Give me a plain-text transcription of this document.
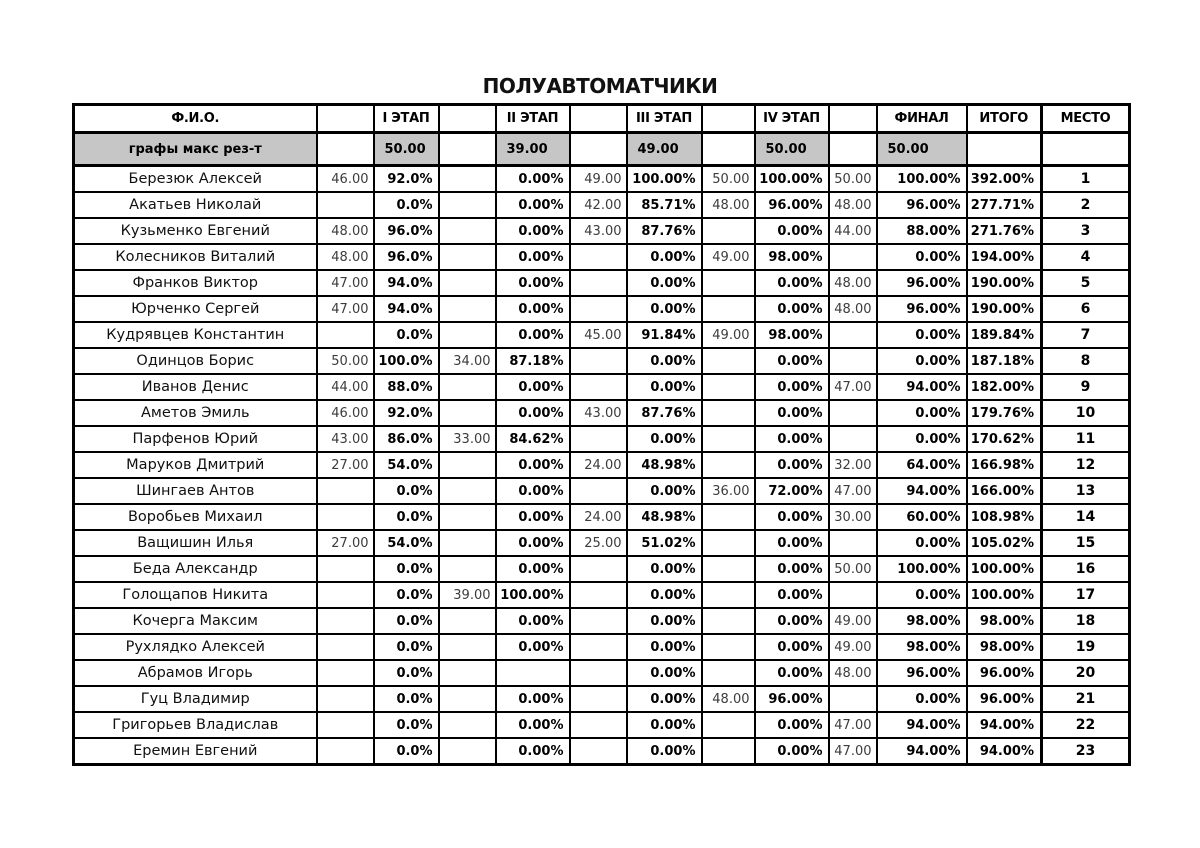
ПОЛУАВТОМАТЧИКИ
Ф.И.О.		I ЭТАП		II ЭТАП		III ЭТАП		IV ЭТАП		ФИНАЛ	ИТОГО	МЕСТО
графы макс рез-т		50.00		39.00		49.00		50.00		50.00		
Березюк Алексей	46.00	92.0%		0.00%	49.00	100.00%	50.00	100.00%	50.00	100.00%	392.00%	1
Акатьев Николай		0.0%		0.00%	42.00	85.71%	48.00	96.00%	48.00	96.00%	277.71%	2
Кузьменко Евгений	48.00	96.0%		0.00%	43.00	87.76%		0.00%	44.00	88.00%	271.76%	3
Колесников Виталий	48.00	96.0%		0.00%		0.00%	49.00	98.00%		0.00%	194.00%	4
Франков Виктор	47.00	94.0%		0.00%		0.00%		0.00%	48.00	96.00%	190.00%	5
Юрченко Сергей	47.00	94.0%		0.00%		0.00%		0.00%	48.00	96.00%	190.00%	6
Кудрявцев Константин		0.0%		0.00%	45.00	91.84%	49.00	98.00%		0.00%	189.84%	7
Одинцов Борис	50.00	100.0%	34.00	87.18%		0.00%		0.00%		0.00%	187.18%	8
Иванов Денис	44.00	88.0%		0.00%		0.00%		0.00%	47.00	94.00%	182.00%	9
Аметов Эмиль	46.00	92.0%		0.00%	43.00	87.76%		0.00%		0.00%	179.76%	10
Парфенов Юрий	43.00	86.0%	33.00	84.62%		0.00%		0.00%		0.00%	170.62%	11
Маруков Дмитрий	27.00	54.0%		0.00%	24.00	48.98%		0.00%	32.00	64.00%	166.98%	12
Шингаев Антов		0.0%		0.00%		0.00%	36.00	72.00%	47.00	94.00%	166.00%	13
Воробьев Михаил		0.0%		0.00%	24.00	48.98%		0.00%	30.00	60.00%	108.98%	14
Ващишин Илья	27.00	54.0%		0.00%	25.00	51.02%		0.00%		0.00%	105.02%	15
Беда Александр		0.0%		0.00%		0.00%		0.00%	50.00	100.00%	100.00%	16
Голощапов Никита		0.0%	39.00	100.00%		0.00%		0.00%		0.00%	100.00%	17
Кочерга Максим		0.0%		0.00%		0.00%		0.00%	49.00	98.00%	98.00%	18
Рухлядко Алексей		0.0%		0.00%		0.00%		0.00%	49.00	98.00%	98.00%	19
Абрамов Игорь		0.0%				0.00%		0.00%	48.00	96.00%	96.00%	20
Гуц Владимир		0.0%		0.00%		0.00%	48.00	96.00%		0.00%	96.00%	21
Григорьев Владислав		0.0%		0.00%		0.00%		0.00%	47.00	94.00%	94.00%	22
Еремин Евгений		0.0%		0.00%		0.00%		0.00%	47.00	94.00%	94.00%	23
